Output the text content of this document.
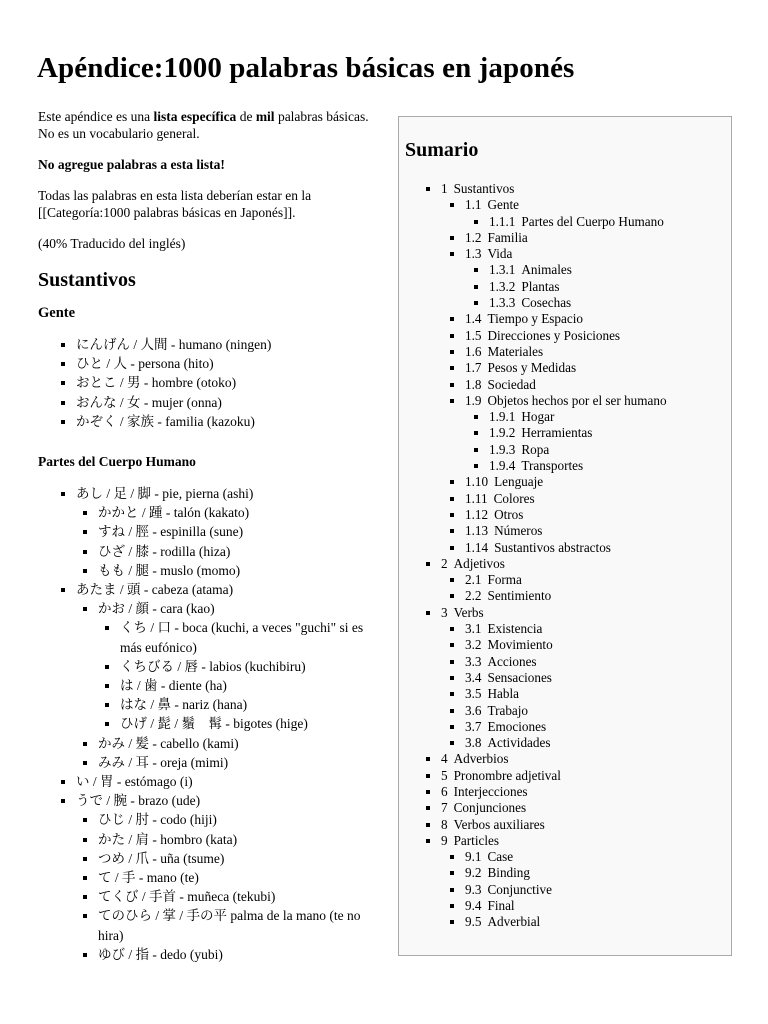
Apéndice:1000 palabras básicas en japonés

Este apéndice es una lista específica de mil palabras básicas. No es un vocabulario general.

No agregue palabras a esta lista!

Todas las palabras en esta lista deberían estar en la [[Categoría:1000 palabras básicas en Japonés]].

(40% Traducido del inglés)

Sustantivos
Gente
▪ にんげん / 人間 - humano (ningen)
▪ ひと / 人 - persona (hito)
▪ おとこ / 男 - hombre (otoko)
▪ おんな / 女 - mujer (onna)
▪ かぞく / 家族 - familia (kazoku)
Partes del Cuerpo Humano
▪ あし / 足 / 脚 - pie, pierna (ashi)
▪ かかと / 踵 - talón (kakato)
▪ すね / 脛 - espinilla (sune)
▪ ひざ / 膝 - rodilla (hiza)
▪ もも / 腿 - muslo (momo)
▪ あたま / 頭 - cabeza (atama)
▪ かお / 顔 - cara (kao)
▪ くち / 口 - boca (kuchi, a veces "guchi" si es más eufónico)
▪ くちびる / 唇 - labios (kuchibiru)
▪ は / 歯 - diente (ha)
▪ はな / 鼻 - nariz (hana)
▪ ひげ / 髭 / 鬚　髯 - bigotes (hige)
▪ かみ / 髪 - cabello (kami)
▪ みみ / 耳 - oreja (mimi)
▪ い / 胃 - estómago (i)
▪ うで / 腕 - brazo (ude)
▪ ひじ / 肘 - codo (hiji)
▪ かた / 肩 - hombro (kata)
▪ つめ / 爪 - uña (tsume)
▪ て / 手 - mano (te)
▪ てくび / 手首 - muñeca (tekubi)
▪ てのひら / 掌 / 手の平 palma de la mano (te no hira)
▪ ゆび / 指 - dedo (yubi)
Sumario
▪ 1 Sustantivos
▪ 1.1 Gente
▪ 1.1.1 Partes del Cuerpo Humano
▪ 1.2 Familia
▪ 1.3 Vida
▪ 1.3.1 Animales
▪ 1.3.2 Plantas
▪ 1.3.3 Cosechas
▪ 1.4 Tiempo y Espacio
▪ 1.5 Direcciones y Posiciones
▪ 1.6 Materiales
▪ 1.7 Pesos y Medidas
▪ 1.8 Sociedad
▪ 1.9 Objetos hechos por el ser humano
▪ 1.9.1 Hogar
▪ 1.9.2 Herramientas
▪ 1.9.3 Ropa
▪ 1.9.4 Transportes
▪ 1.10 Lenguaje
▪ 1.11 Colores
▪ 1.12 Otros
▪ 1.13 Números
▪ 1.14 Sustantivos abstractos
▪ 2 Adjetivos
▪ 2.1 Forma
▪ 2.2 Sentimiento
▪ 3 Verbs
▪ 3.1 Existencia
▪ 3.2 Movimiento
▪ 3.3 Acciones
▪ 3.4 Sensaciones
▪ 3.5 Habla
▪ 3.6 Trabajo
▪ 3.7 Emociones
▪ 3.8 Actividades
▪ 4 Adverbios
▪ 5 Pronombre adjetival
▪ 6 Interjecciones
▪ 7 Conjunciones
▪ 8 Verbos auxiliares
▪ 9 Particles
▪ 9.1 Case
▪ 9.2 Binding
▪ 9.3 Conjunctive
▪ 9.4 Final
▪ 9.5 Adverbial
